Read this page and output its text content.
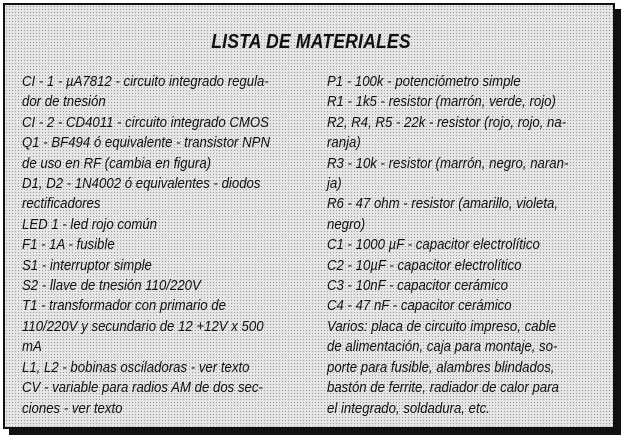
LISTA DE MATERIALES
CI - 1 - µA7812 - circuito integrado regula-
dor de tnesión
CI - 2 - CD4011 - circuito integrado CMOS
Q1 - BF494 ó equivalente - transistor NPN
de uso en RF (cambia en figura)
D1, D2 - 1N4002 ó equivalentes - diodos
rectificadores
LED 1 - led rojo común
F1 - 1A - fusible
S1 - interruptor simple
S2 - llave de tnesión 110/220V
T1 - transformador con primario de
110/220V y secundario de 12 +12V x 500
mA
L1, L2 - bobinas osciladoras - ver texto
CV - variable para radios AM de dos sec-
ciones - ver texto
P1 - 100k - potenciómetro simple
R1 - 1k5 - resistor (marrón, verde, rojo)
R2, R4, R5 - 22k - resistor (rojo, rojo, na-
ranja)
R3 - 10k - resistor (marrón, negro, naran-
ja)
R6 - 47 ohm - resistor (amarillo, violeta,
negro)
C1 - 1000 µF - capacitor electrolítico
C2 - 10µF - capacitor electrolítico
C3 - 10nF - capacitor cerámico
C4 - 47 nF - capacitor cerámico
Varios: placa de circuito impreso, cable
de alimentación, caja para montaje, so-
porte para fusible, alambres blindados,
bastón de ferrite, radiador de calor para
el integrado, soldadura, etc.
